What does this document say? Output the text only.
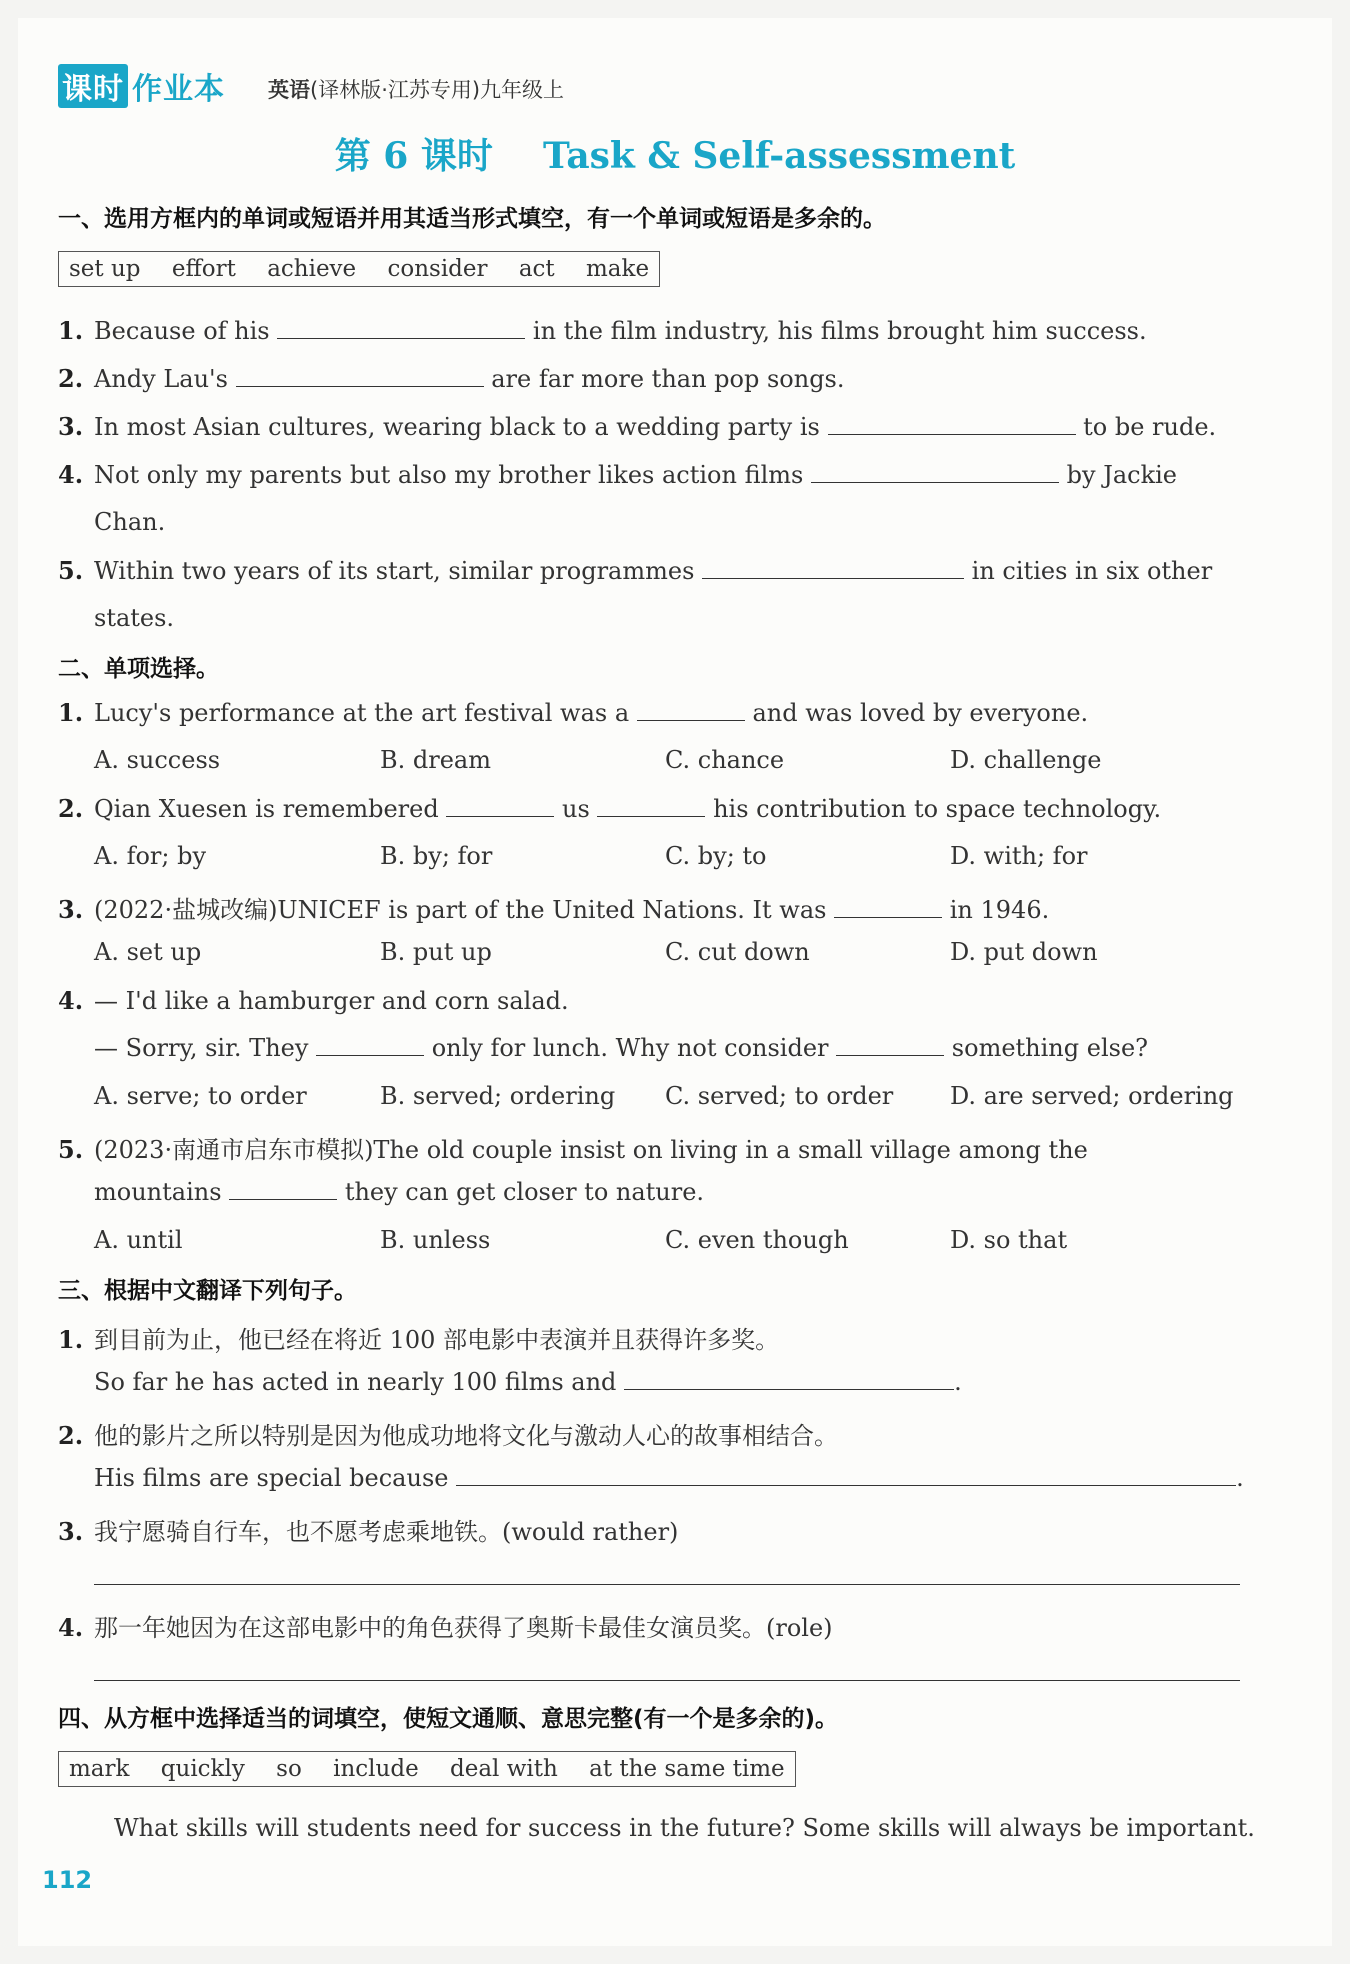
课时 作业本 英语(译林版·江苏专用)九年级上
第 6 课时    Task & Self-assessment
一、选用方框内的单词或短语并用其适当形式填空，有一个单词或短语是多余的。
set up effort achieve consider act make
1. Because of his	in the film industry, his films brought him success.
2. Andy Lau's	are far more than pop songs.
3. In most Asian cultures, wearing black to a wedding party is	to be rude.
4. Not only my parents but also my brother likes action films	by Jackie
Chan.
5. Within two years of its start, similar programmes	in cities in six other
states.
二、单项选择。
1. Lucy's performance at the art festival was a	and was loved by everyone.
A. success	B. dream	C. chance	D. challenge
2. Qian Xuesen is remembered	us	his contribution to space technology.
A. for; by	B. by; for	C. by; to	D. with; for
3. (2022·盐城改编)UNICEF is part of the United Nations. It was	in 1946.
A. set up	B. put up	C. cut down	D. put down
4. — I'd like a hamburger and corn salad.
— Sorry, sir. They	only for lunch. Why not consider	something else?
A. serve; to order	B. served; ordering C. served; to order D. are served; ordering
5. (2023·南通市启东市模拟)The old couple insist on living in a small village among the
mountains	they can get closer to nature.
A. until	B. unless	C. even though	D. so that
三、根据中文翻译下列句子。
1. 到目前为止，他已经在将近 100 部电影中表演并且获得许多奖。
So far he has acted in nearly 100 films and	.
2. 他的影片之所以特别是因为他成功地将文化与激动人心的故事相结合。
His films are special because	.
3. 我宁愿骑自行车，也不愿考虑乘地铁。(would rather)
4. 那一年她因为在这部电影中的角色获得了奥斯卡最佳女演员奖。(role)
四、从方框中选择适当的词填空，使短文通顺、意思完整(有一个是多余的)。
mark quickly so include deal with at the same time
What skills will students need for success in the future? Some skills will always be important.
112
